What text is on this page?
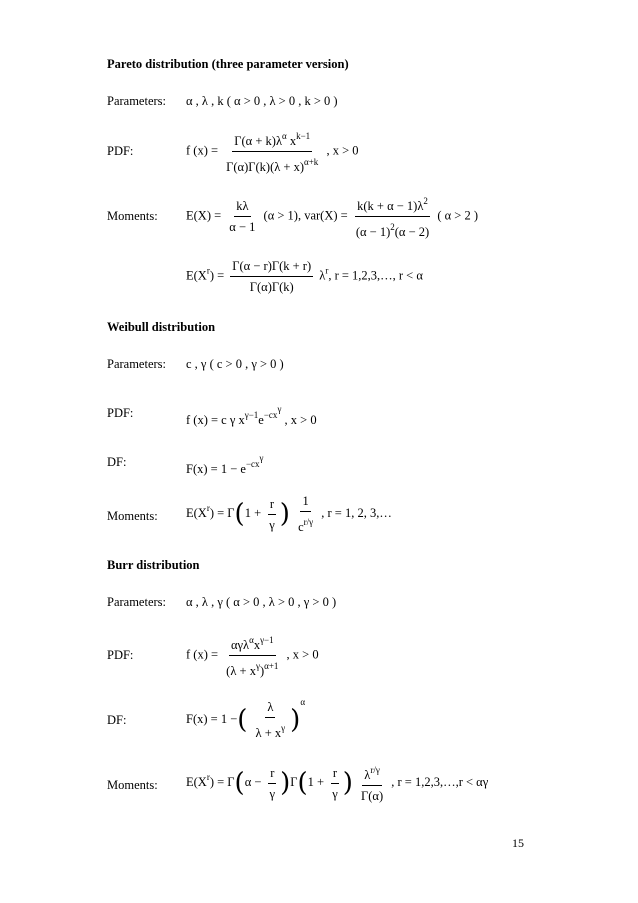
Pareto distribution (three parameter version)
Parameters: α , λ , k ( α > 0 , λ > 0 , k > 0 )
PDF:	f $(x) = \frac{\Gamma(\alpha + k)\lambda^\alpha x^{k-1}}{\Gamma(\alpha)\Gamma(k)(\lambda + x)^{\alpha+k}}$ , x > 0
Moments: $E(X) = \frac{k\lambda}{\alpha - 1} (\alpha > 1)$, $var(X) = \frac{k(k + \alpha - 1)\lambda^2}{(\alpha - 1)^2(\alpha - 2)}$ ( α > 2 )
$E(X^r) = \frac{\Gamma(\alpha - r)\Gamma(k + r)}{\Gamma(\alpha)\Gamma(k)} \lambda^r$, r = 1,2,3,…, r < α
Weibull distribution
Parameters: c , γ ( c > 0 , γ > 0 )
PDF:	f (x) = c γ $x^{\gamma-1}e^{-cx^\gamma}$ , x > 0
DF:	$F(x) = 1 - e^{-cx^\gamma}$
Moments: $E(X^r) = \Gamma(1 + \frac{r}{\gamma}$ ) $\frac{1}{c^{r/\gamma}}$ , r = 1, 2, 3,…
Burr distribution
Parameters: α , λ , γ ( α > 0 , λ > 0 , γ > 0 )
PDF:	f $(x) = \frac{\alpha\gamma\lambda^\alpha x^{\gamma-1}}{(\lambda + x^\gamma)^{\alpha+1}}$ , x > 0
DF:	F(x) = 1 −( $\frac{\lambda}{\lambda + x^\gamma} )^\alpha$
Moments: $E(X^r) = \Gamma(\alpha - \frac{r}{\gamma} )\Gamma(1 + \frac{r}{\gamma}$ ) $\frac{\lambda^{r/\gamma}}{\Gamma(\alpha)}$ , r = 1,2,3,…,r < αγ
15
